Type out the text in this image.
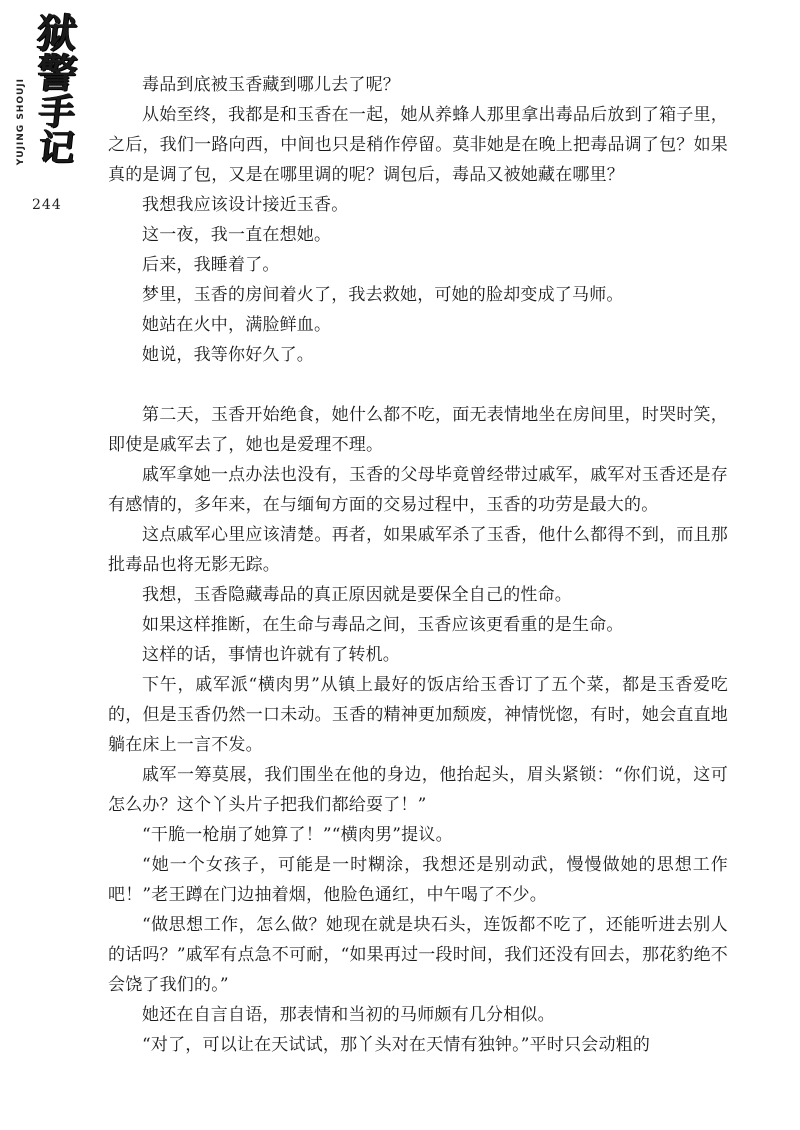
狱
警
手
记
YUJING SHOUJI
244

毒品到底被玉香藏到哪儿去了呢？

从始至终，我都是和玉香在一起，她从养蜂人那里拿出毒品后放到了箱子里，之后，我们一路向西，中间也只是稍作停留。莫非她是在晚上把毒品调了包？如果真的是调了包，又是在哪里调的呢？调包后，毒品又被她藏在哪里？

我想我应该设计接近玉香。

这一夜，我一直在想她。

后来，我睡着了。

梦里，玉香的房间着火了，我去救她，可她的脸却变成了马师。

她站在火中，满脸鲜血。

她说，我等你好久了。

第二天，玉香开始绝食，她什么都不吃，面无表情地坐在房间里，时哭时笑，即使是戚军去了，她也是爱理不理。

戚军拿她一点办法也没有，玉香的父母毕竟曾经带过戚军，戚军对玉香还是存有感情的，多年来，在与缅甸方面的交易过程中，玉香的功劳是最大的。

这点戚军心里应该清楚。再者，如果戚军杀了玉香，他什么都得不到，而且那批毒品也将无影无踪。

我想，玉香隐藏毒品的真正原因就是要保全自己的性命。

如果这样推断，在生命与毒品之间，玉香应该更看重的是生命。

这样的话，事情也许就有了转机。

下午，戚军派“横肉男”从镇上最好的饭店给玉香订了五个菜，都是玉香爱吃的，但是玉香仍然一口未动。玉香的精神更加颓废，神情恍惚，有时，她会直直地躺在床上一言不发。

戚军一筹莫展，我们围坐在他的身边，他抬起头，眉头紧锁：“你们说，这可怎么办？这个丫头片子把我们都给耍了！”

“干脆一枪崩了她算了！”“横肉男”提议。

“她一个女孩子，可能是一时糊涂，我想还是别动武，慢慢做她的思想工作吧！”老王蹲在门边抽着烟，他脸色通红，中午喝了不少。

“做思想工作，怎么做？她现在就是块石头，连饭都不吃了，还能听进去别人的话吗？”戚军有点急不可耐，“如果再过一段时间，我们还没有回去，那花豹绝不会饶了我们的。”

她还在自言自语，那表情和当初的马师颇有几分相似。

“对了，可以让在天试试，那丫头对在天情有独钟。”平时只会动粗的
